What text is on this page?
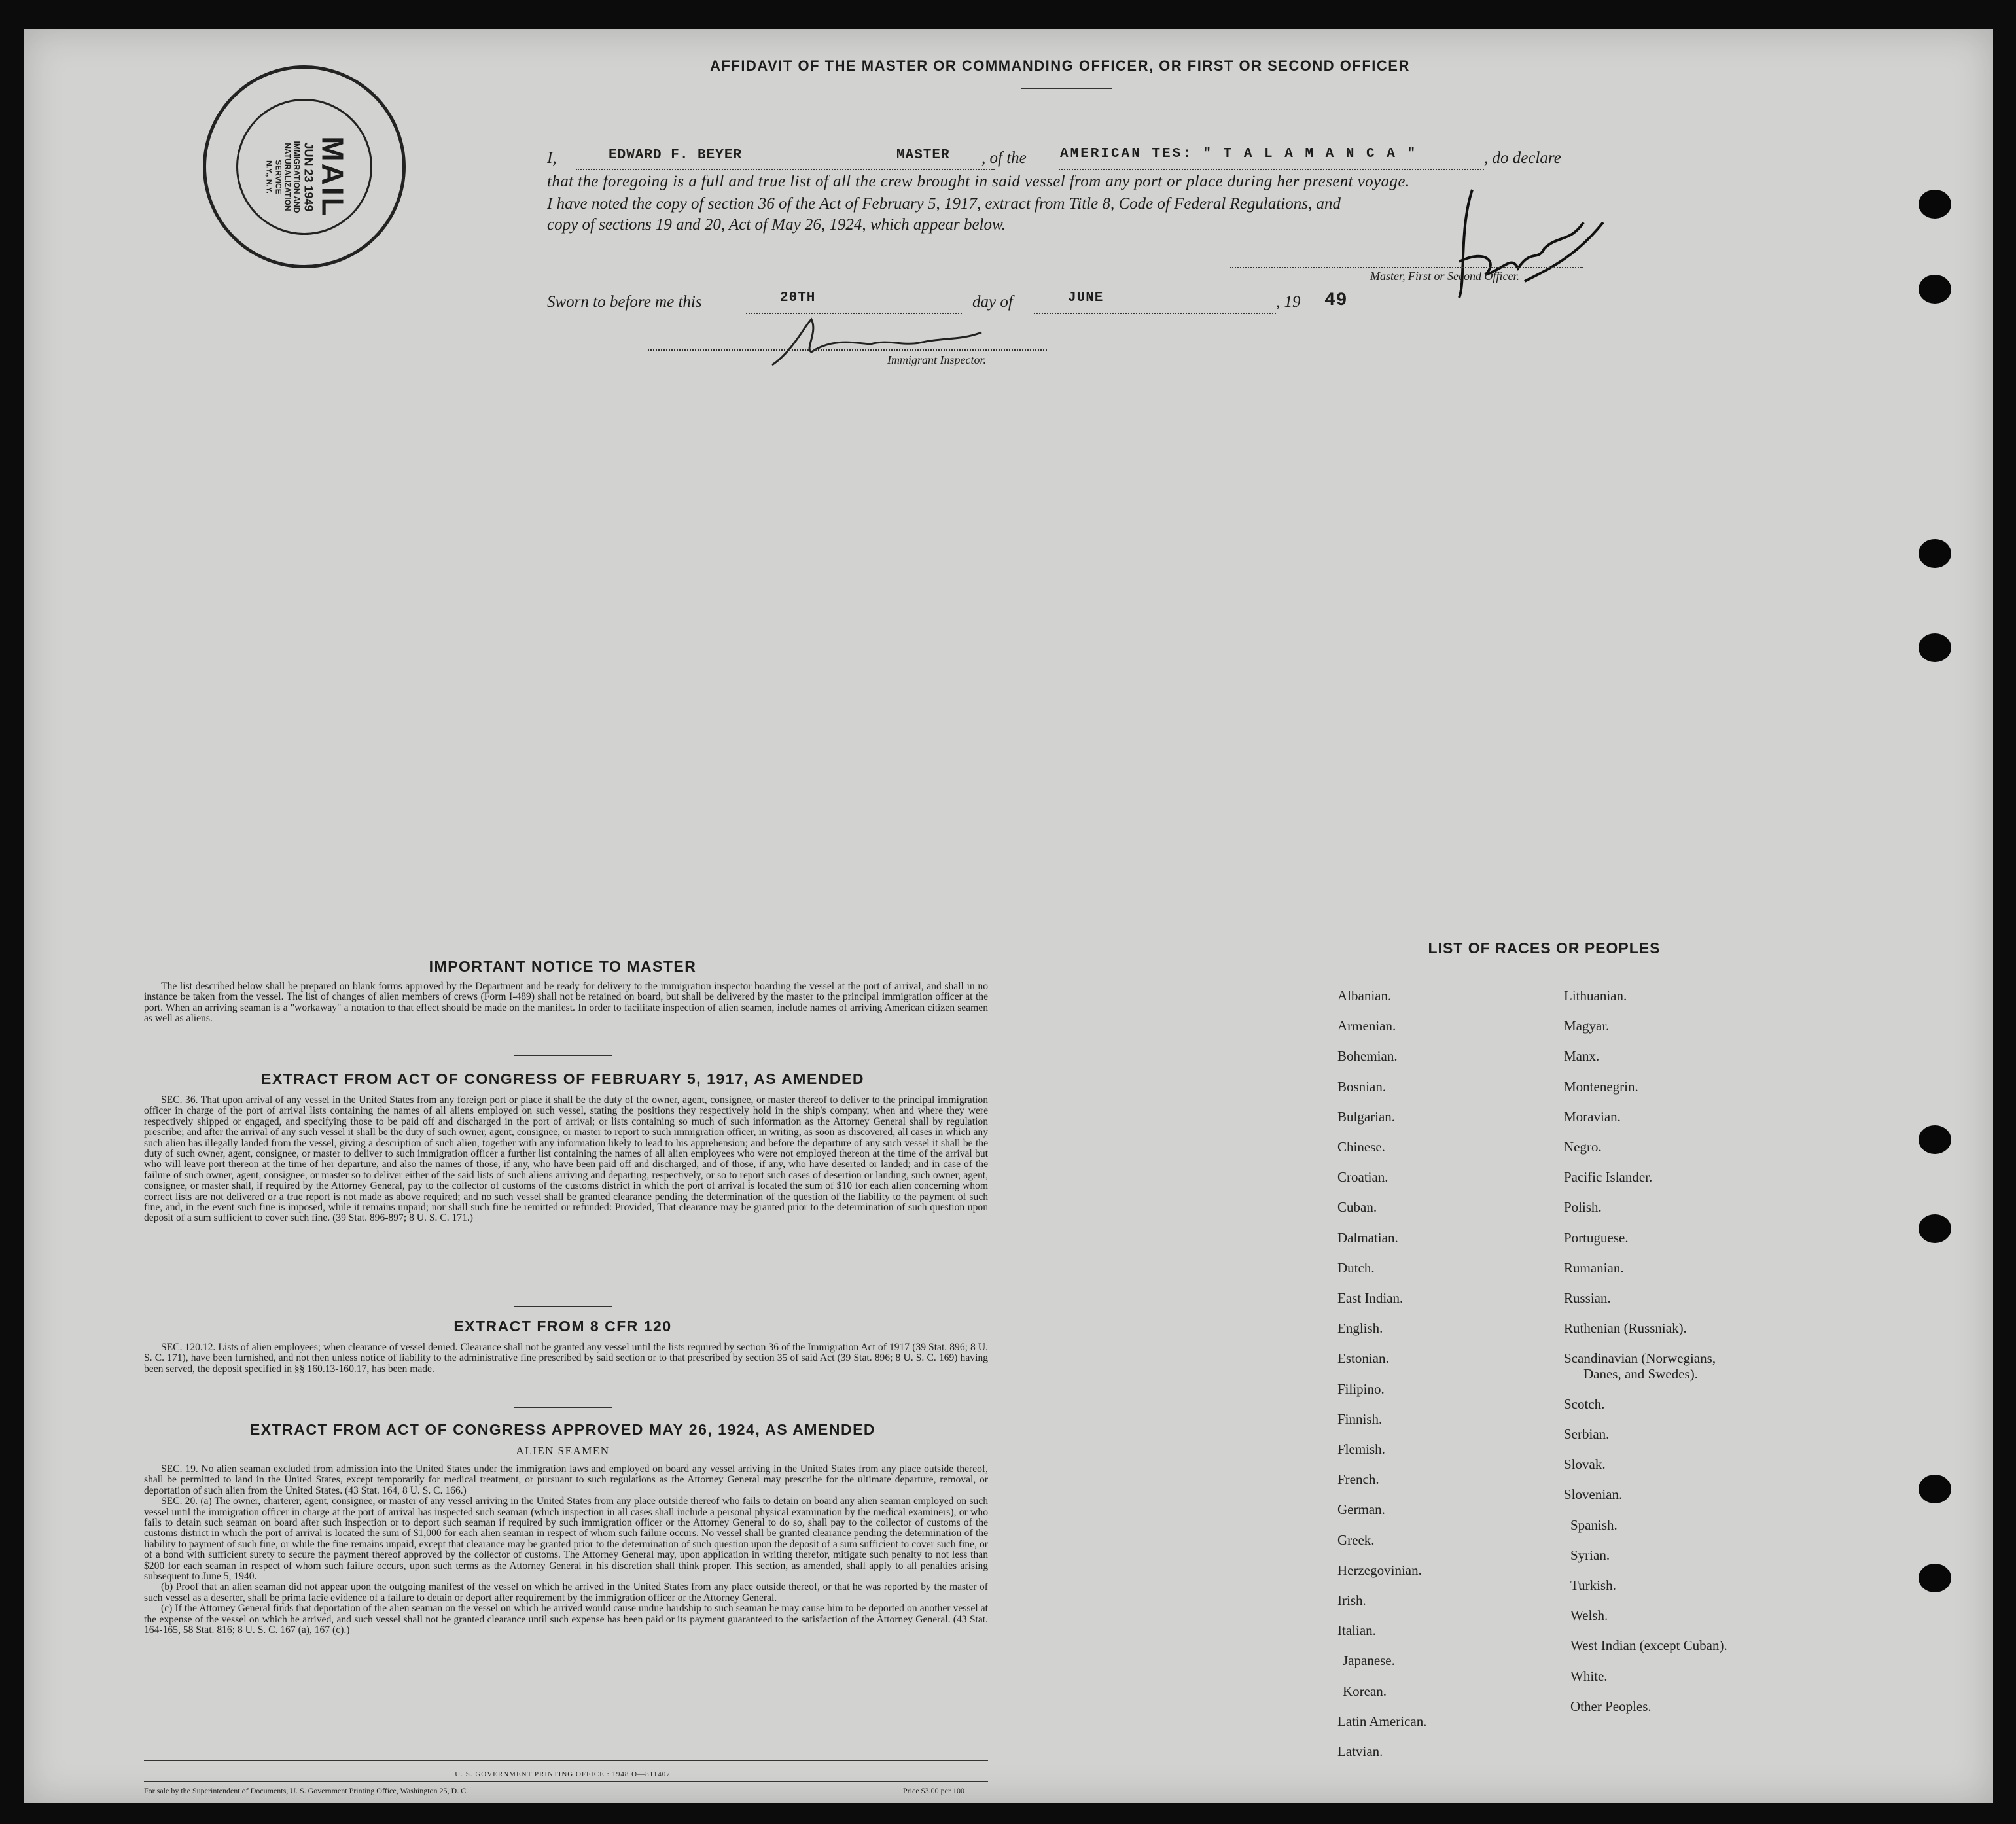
AFFIDAVIT OF THE MASTER OR COMMANDING OFFICER, OR FIRST OR SECOND OFFICER
MAIL
JUN 23 1949
IMMIGRATION AND NATURALIZATION SERVICE
N.Y., N.Y.
I,	EDWARD F. BEYER	MASTER , of the AMERICAN TES: " T A L A M A N C A "	, do declare
that the foregoing is a full and true list of all the crew brought in said vessel from any port or place during her present voyage.
I have noted the copy of section 36 of the Act of February 5, 1917, extract from Title 8, Code of Federal Regulations, and
copy of sections 19 and 20, Act of May 26, 1924, which appear below.
Master, First or Second Officer.
Sworn to before me this	20TH	day of	JUNE	, 19 49
Immigrant Inspector.
IMPORTANT NOTICE TO MASTER

The list described below shall be prepared on blank forms approved by the Department and be ready for delivery to the immigration inspector boarding the vessel at the port of arrival, and shall in no instance be taken from the vessel. The list of changes of alien members of crews (Form I-489) shall not be retained on board, but shall be delivered by the master to the principal immigration officer at the port. When an arriving seaman is a "workaway" a notation to that effect should be made on the manifest. In order to facilitate inspection of alien seamen, include names of arriving American citizen seamen as well as aliens.

EXTRACT FROM ACT OF CONGRESS OF FEBRUARY 5, 1917, AS AMENDED

SEC. 36. That upon arrival of any vessel in the United States from any foreign port or place it shall be the duty of the owner, agent, consignee, or master thereof to deliver to the principal immigration officer in charge of the port of arrival lists containing the names of all aliens employed on such vessel, stating the positions they respectively hold in the ship's company, when and where they were respectively shipped or engaged, and specifying those to be paid off and discharged in the port of arrival; or lists containing so much of such information as the Attorney General shall by regulation prescribe; and after the arrival of any such vessel it shall be the duty of such owner, agent, consignee, or master to report to such immigration officer, in writing, as soon as discovered, all cases in which any such alien has illegally landed from the vessel, giving a description of such alien, together with any information likely to lead to his apprehension; and before the departure of any such vessel it shall be the duty of such owner, agent, consignee, or master to deliver to such immigration officer a further list containing the names of all alien employees who were not employed thereon at the time of the arrival but who will leave port thereon at the time of her departure, and also the names of those, if any, who have been paid off and discharged, and of those, if any, who have deserted or landed; and in case of the failure of such owner, agent, consignee, or master so to deliver either of the said lists of such aliens arriving and departing, respectively, or so to report such cases of desertion or landing, such owner, agent, consignee, or master shall, if required by the Attorney General, pay to the collector of customs of the customs district in which the port of arrival is located the sum of $10 for each alien concerning whom correct lists are not delivered or a true report is not made as above required; and no such vessel shall be granted clearance pending the determination of the question of the liability to the payment of such fine, and, in the event such fine is imposed, while it remains unpaid; nor shall such fine be remitted or refunded: Provided, That clearance may be granted prior to the determination of such question upon deposit of a sum sufficient to cover such fine. (39 Stat. 896-897; 8 U. S. C. 171.)

EXTRACT FROM 8 CFR 120

SEC. 120.12. Lists of alien employees; when clearance of vessel denied. Clearance shall not be granted any vessel until the lists required by section 36 of the Immigration Act of 1917 (39 Stat. 896; 8 U. S. C. 171), have been furnished, and not then unless notice of liability to the administrative fine prescribed by said section or to that prescribed by section 35 of said Act (39 Stat. 896; 8 U. S. C. 169) having been served, the deposit specified in §§ 160.13-160.17, has been made.

EXTRACT FROM ACT OF CONGRESS APPROVED MAY 26, 1924, AS AMENDED
ALIEN SEAMEN

SEC. 19. No alien seaman excluded from admission into the United States under the immigration laws and employed on board any vessel arriving in the United States from any place outside thereof, shall be permitted to land in the United States, except temporarily for medical treatment, or pursuant to such regulations as the Attorney General may prescribe for the ultimate departure, removal, or deportation of such alien from the United States. (43 Stat. 164, 8 U. S. C. 166.)

SEC. 20. (a) The owner, charterer, agent, consignee, or master of any vessel arriving in the United States from any place outside thereof who fails to detain on board any alien seaman employed on such vessel until the immigration officer in charge at the port of arrival has inspected such seaman (which inspection in all cases shall include a personal physical examination by the medical examiners), or who fails to detain such seaman on board after such inspection or to deport such seaman if required by such immigration officer or the Attorney General to do so, shall pay to the collector of customs of the customs district in which the port of arrival is located the sum of $1,000 for each alien seaman in respect of whom such failure occurs. No vessel shall be granted clearance pending the determination of the liability to payment of such fine, or while the fine remains unpaid, except that clearance may be granted prior to the determination of such question upon the deposit of a sum sufficient to cover such fine, or of a bond with sufficient surety to secure the payment thereof approved by the collector of customs. The Attorney General may, upon application in writing therefor, mitigate such penalty to not less than $200 for each seaman in respect of whom such failure occurs, upon such terms as the Attorney General in his discretion shall think proper. This section, as amended, shall apply to all penalties arising subsequent to June 5, 1940.

(b) Proof that an alien seaman did not appear upon the outgoing manifest of the vessel on which he arrived in the United States from any place outside thereof, or that he was reported by the master of such vessel as a deserter, shall be prima facie evidence of a failure to detain or deport after requirement by the immigration officer or the Attorney General.

(c) If the Attorney General finds that deportation of the alien seaman on the vessel on which he arrived would cause undue hardship to such seaman he may cause him to be deported on another vessel at the expense of the vessel on which he arrived, and such vessel shall not be granted clearance until such expense has been paid or its payment guaranteed to the satisfaction of the Attorney General. (43 Stat. 164-165, 58 Stat. 816; 8 U. S. C. 167 (a), 167 (c).)

U. S. GOVERNMENT PRINTING OFFICE : 1948 O—811407
For sale by the Superintendent of Documents, U. S. Government Printing Office, Washington 25, D. C.	Price $3.00 per 100
LIST OF RACES OR PEOPLES
Albanian.
Armenian.
Bohemian.
Bosnian.
Bulgarian.
Chinese.
Croatian.
Cuban.
Dalmatian.
Dutch.
East Indian.
English.
Estonian.
Filipino.
Finnish.
Flemish.
French.
German.
Greek.
Herzegovinian.
Irish.
Italian.
Japanese.
Korean.
Latin American.
Latvian.
Lithuanian.
Magyar.
Manx.
Montenegrin.
Moravian.
Negro.
Pacific Islander.
Polish.
Portuguese.
Rumanian.
Russian.
Ruthenian (Russniak).
Scandinavian (Norwegians,
Danes, and Swedes).
Scotch.
Serbian.
Slovak.
Slovenian.
Spanish.
Syrian.
Turkish.
Welsh.
West Indian (except Cuban).
White.
Other Peoples.
